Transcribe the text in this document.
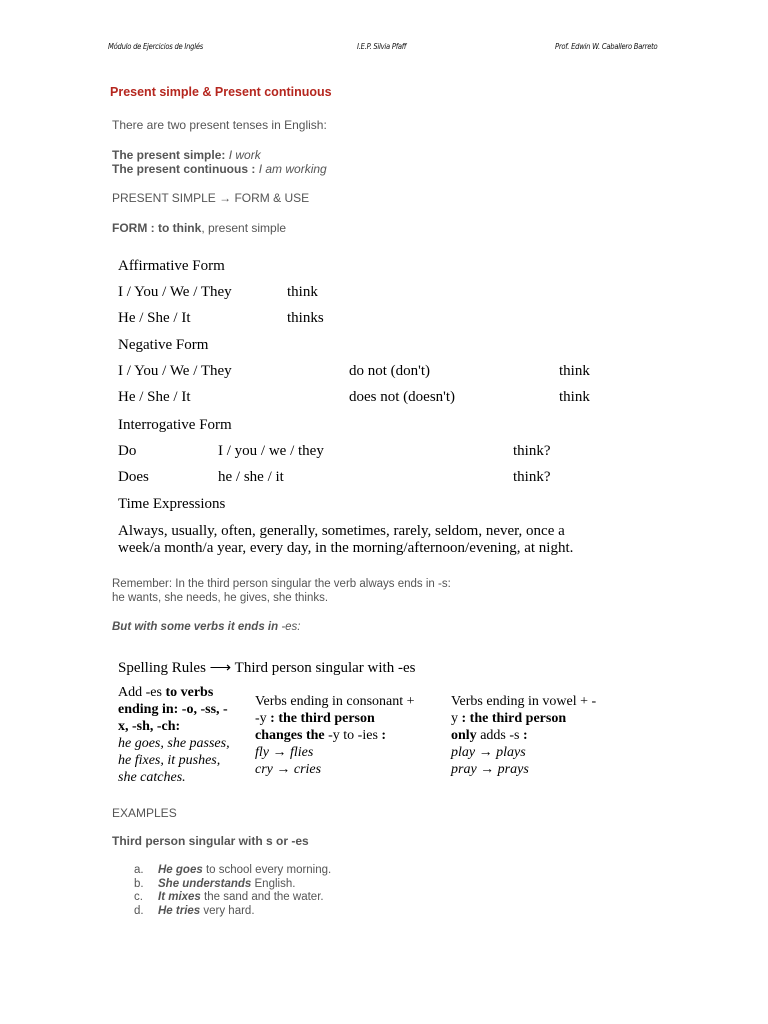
Módulo de Ejercicios de Inglés	I.E.P. Silvia Pfaff	Prof. Edwin W. Caballero Barreto
Present simple & Present continuous
There are two present tenses in English:
The present simple: I work
The present continuous : I am working
PRESENT SIMPLE → FORM & USE
FORM : to think, present simple
Affirmative Form
I / You / We / They	think
He / She / It	thinks
Negative Form
I / You / We / They	do not (don't)	think
He / She / It	does not (doesn't)	think
Interrogative Form
Do	I / you / we / they	think?
Does	he / she / it	think?
Time Expressions
Always, usually, often, generally, sometimes, rarely, seldom, never, once a
week/a month/a year, every day, in the morning/afternoon/evening, at night.
Remember: In the third person singular the verb always ends in -s:
he wants, she needs, he gives, she thinks.
But with some verbs it ends in -es:
Spelling Rules ⟶ Third person singular with -es
Add -es to verbs
ending in: -o, -ss, -
x, -sh, -ch:
he goes, she passes,
he fixes, it pushes,
she catches.
Verbs ending in consonant +
-y : the third person
changes the -y to -ies :
fly → flies
cry → cries
Verbs ending in vowel + -
y : the third person
only adds -s :
play → plays
pray → prays
EXAMPLES
Third person singular with s or -es
a. He goes to school every morning.
b. She understands English.
c. It mixes the sand and the water.
d. He tries very hard.
